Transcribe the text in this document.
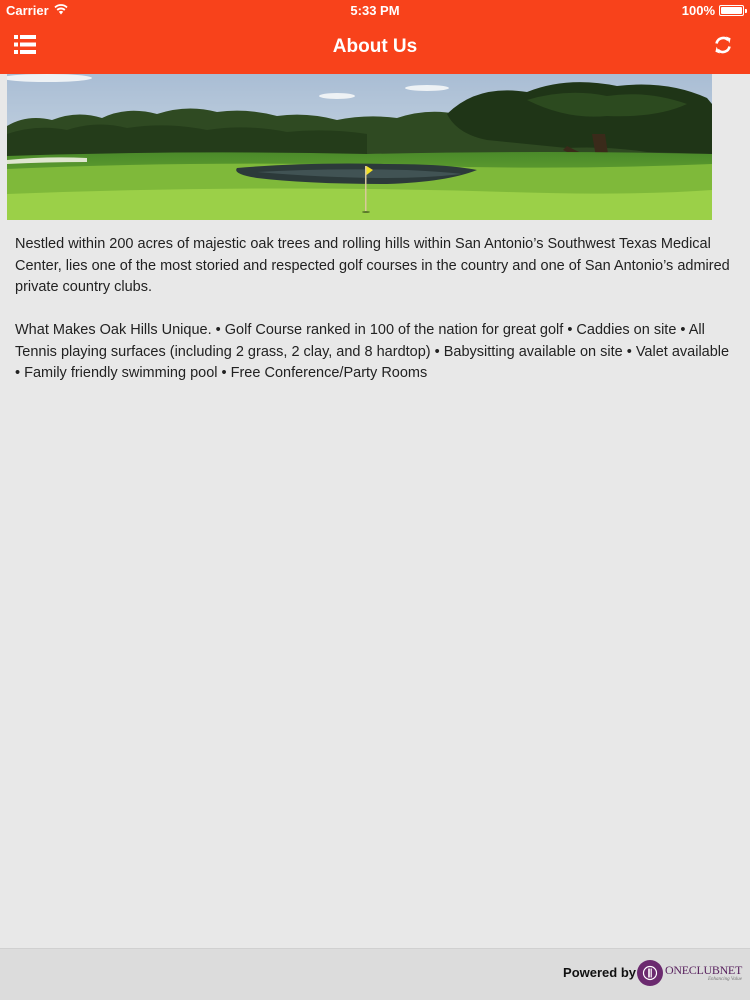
Carrier	5:33 PM	100%
About Us

Nestled within 200 acres of majestic oak trees and rolling hills within San Antonio’s Southwest Texas Medical Center, lies one of the most storied and respected golf courses in the country and one of San Antonio’s admired private country clubs.

What Makes Oak Hills Unique. • Golf Course ranked in 100 of the nation for great golf • Caddies on site • All Tennis playing surfaces (including 2 grass, 2 clay, and 8 hardtop) • Babysitting available on site • Valet available • Family friendly swimming pool • Free Conference/Party Rooms

Powered by ONECLUBNET
Enhancing Value
